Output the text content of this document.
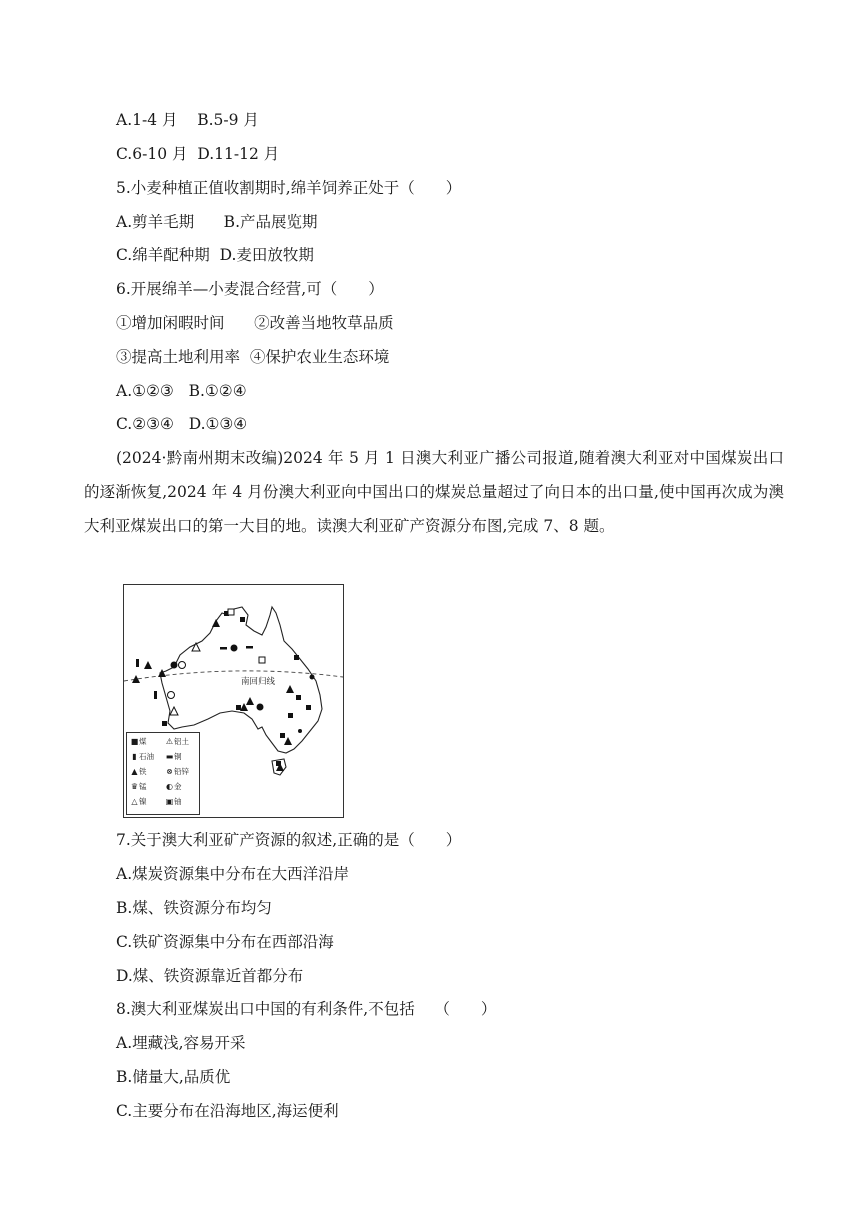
A.1-4 月    B.5-9 月
C.6-10 月  D.11-12 月
5.小麦种植正值收割期时,绵羊饲养正处于（　　）
A.剪羊毛期      B.产品展览期
C.绵羊配种期  D.麦田放牧期
6.开展绵羊—小麦混合经营,可（　　）
①增加闲暇时间      ②改善当地牧草品质
③提高土地利用率  ④保护农业生态环境
A.①②③   B.①②④
C.②③④   D.①③④
(2024·黔南州期末改编)2024 年 5 月 1 日澳大利亚广播公司报道,随着澳大利亚对中国煤炭出口的逐渐恢复,2024 年 4 月份澳大利亚向中国出口的煤炭总量超过了向日本的出口量,使中国再次成为澳大利亚煤炭出口的第一大目的地。读澳大利亚矿产资源分布图,完成 7、8 题。
南回归线
■煤 ⚠铝土
▮ 石油 ▬铜
▲铁 ⊗铅锌
♛锰 ◐金
△镍 ▣铀
7.关于澳大利亚矿产资源的叙述,正确的是（　　）
A.煤炭资源集中分布在大西洋沿岸
B.煤、铁资源分布均匀
C.铁矿资源集中分布在西部沿海
D.煤、铁资源靠近首都分布
8.澳大利亚煤炭出口中国的有利条件,不包括    （　　）
A.埋藏浅,容易开采
B.储量大,品质优
C.主要分布在沿海地区,海运便利
